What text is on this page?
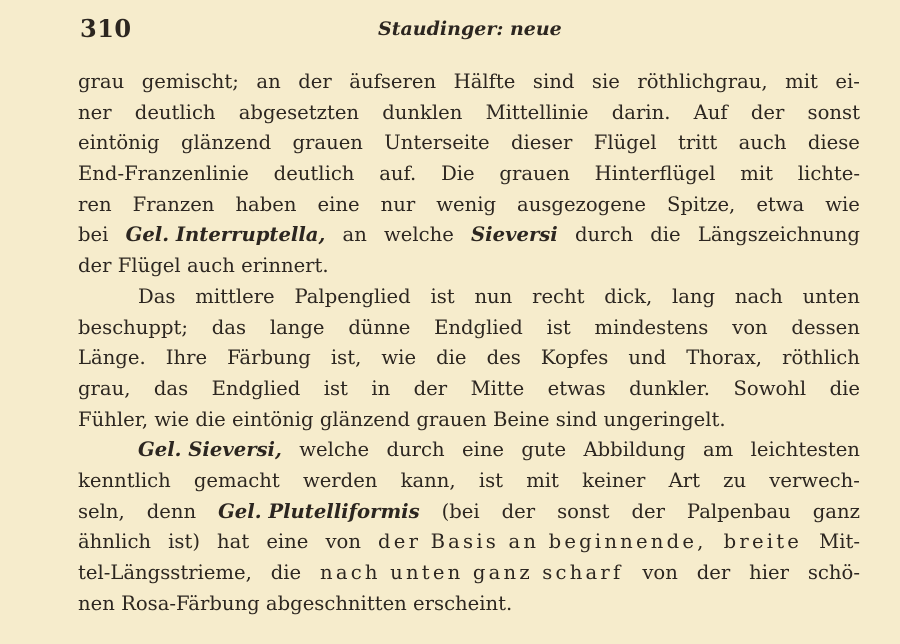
310	Staudinger: neue
grau gemischt; an der äufseren Hälfte sind sie röthlichgrau, mit ei-
ner deutlich abgesetzten dunklen Mittellinie darin. Auf der sonst
eintönig glänzend grauen Unterseite dieser Flügel tritt auch diese
End-Franzenlinie deutlich auf. Die grauen Hinterflügel mit lichte-
ren Franzen haben eine nur wenig ausgezogene Spitze, etwa wie
bei Gel. Interruptella, an welche Sieversi durch die Längszeichnung
der Flügel auch erinnert.
Das mittlere Palpenglied ist nun recht dick, lang nach unten
beschuppt; das lange dünne Endglied ist mindestens von dessen
Länge. Ihre Färbung ist, wie die des Kopfes und Thorax, röthlich
grau, das Endglied ist in der Mitte etwas dunkler. Sowohl die
Fühler, wie die eintönig glänzend grauen Beine sind ungeringelt.
Gel. Sieversi, welche durch eine gute Abbildung am leichtesten
kenntlich gemacht werden kann, ist mit keiner Art zu verwech-
seln, denn Gel. Plutelliformis (bei der sonst der Palpenbau ganz
ähnlich ist) hat eine von der Basis an beginnende, breite Mit-
tel-Längsstrieme, die nach unten ganz scharf von der hier schö-
nen Rosa-Färbung abgeschnitten erscheint.
